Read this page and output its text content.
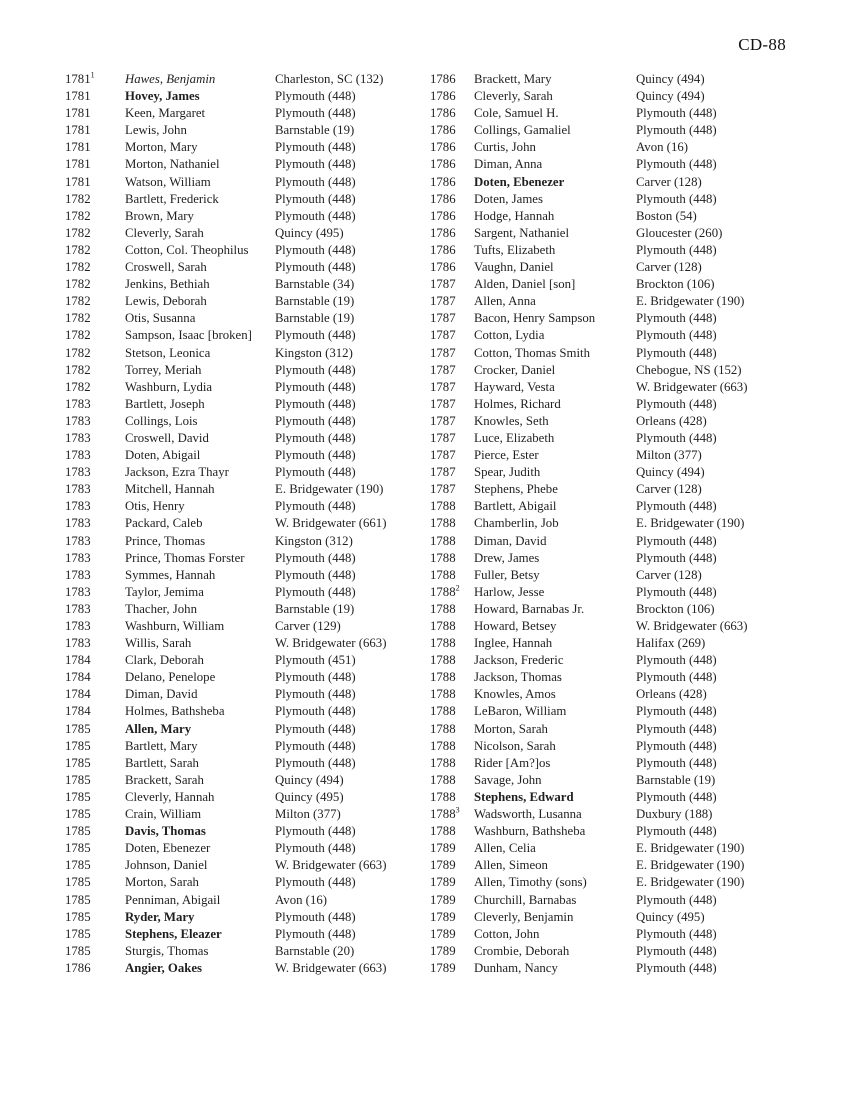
CD-88
1781$^1$	Hawes, Benjamin	Charleston, SC (132)
1781	Hovey, James	Plymouth (448)
1781	Keen, Margaret	Plymouth (448)
1781	Lewis, John	Barnstable (19)
1781	Morton, Mary	Plymouth (448)
1781	Morton, Nathaniel	Plymouth (448)
1781	Watson, William	Plymouth (448)
1782	Bartlett, Frederick	Plymouth (448)
1782	Brown, Mary	Plymouth (448)
1782	Cleverly, Sarah	Quincy (495)
1782	Cotton, Col. Theophilus	Plymouth (448)
1782	Croswell, Sarah	Plymouth (448)
1782	Jenkins, Bethiah	Barnstable (34)
1782	Lewis, Deborah	Barnstable (19)
1782	Otis, Susanna	Barnstable (19)
1782	Sampson, Isaac [broken]	Plymouth (448)
1782	Stetson, Leonica	Kingston (312)
1782	Torrey, Meriah	Plymouth (448)
1782	Washburn, Lydia	Plymouth (448)
1783	Bartlett, Joseph	Plymouth (448)
1783	Collings, Lois	Plymouth (448)
1783	Croswell, David	Plymouth (448)
1783	Doten, Abigail	Plymouth (448)
1783	Jackson, Ezra Thayr	Plymouth (448)
1783	Mitchell, Hannah	E. Bridgewater (190)
1783	Otis, Henry	Plymouth (448)
1783	Packard, Caleb	W. Bridgewater (661)
1783	Prince, Thomas	Kingston (312)
1783	Prince, Thomas Forster	Plymouth (448)
1783	Symmes, Hannah	Plymouth (448)
1783	Taylor, Jemima	Plymouth (448)
1783	Thacher, John	Barnstable (19)
1783	Washburn, William	Carver (129)
1783	Willis, Sarah	W. Bridgewater (663)
1784	Clark, Deborah	Plymouth (451)
1784	Delano, Penelope	Plymouth (448)
1784	Diman, David	Plymouth (448)
1784	Holmes, Bathsheba	Plymouth (448)
1785	Allen, Mary	Plymouth (448)
1785	Bartlett, Mary	Plymouth (448)
1785	Bartlett, Sarah	Plymouth (448)
1785	Brackett, Sarah	Quincy (494)
1785	Cleverly, Hannah	Quincy (495)
1785	Crain, William	Milton (377)
1785	Davis, Thomas	Plymouth (448)
1785	Doten, Ebenezer	Plymouth (448)
1785	Johnson, Daniel	W. Bridgewater (663)
1785	Morton, Sarah	Plymouth (448)
1785	Penniman, Abigail	Avon (16)
1785	Ryder, Mary	Plymouth (448)
1785	Stephens, Eleazer	Plymouth (448)
1785	Sturgis, Thomas	Barnstable (20)
1786	Angier, Oakes	W. Bridgewater (663)
1786	Brackett, Mary	Quincy (494)
1786	Cleverly, Sarah	Quincy (494)
1786	Cole, Samuel H.	Plymouth (448)
1786	Collings, Gamaliel	Plymouth (448)
1786	Curtis, John	Avon (16)
1786	Diman, Anna	Plymouth (448)
1786	Doten, Ebenezer	Carver (128)
1786	Doten, James	Plymouth (448)
1786	Hodge, Hannah	Boston (54)
1786	Sargent, Nathaniel	Gloucester (260)
1786	Tufts, Elizabeth	Plymouth (448)
1786	Vaughn, Daniel	Carver (128)
1787	Alden, Daniel [son]	Brockton (106)
1787	Allen, Anna	E. Bridgewater (190)
1787	Bacon, Henry Sampson	Plymouth (448)
1787	Cotton, Lydia	Plymouth (448)
1787	Cotton, Thomas Smith	Plymouth (448)
1787	Crocker, Daniel	Chebogue, NS (152)
1787	Hayward, Vesta	W. Bridgewater (663)
1787	Holmes, Richard	Plymouth (448)
1787	Knowles, Seth	Orleans (428)
1787	Luce, Elizabeth	Plymouth (448)
1787	Pierce, Ester	Milton (377)
1787	Spear, Judith	Quincy (494)
1787	Stephens, Phebe	Carver (128)
1788	Bartlett, Abigail	Plymouth (448)
1788	Chamberlin, Job	E. Bridgewater (190)
1788	Diman, David	Plymouth (448)
1788	Drew, James	Plymouth (448)
1788	Fuller, Betsy	Carver (128)
1788$^2$	Harlow, Jesse	Plymouth (448)
1788	Howard, Barnabas Jr.	Brockton (106)
1788	Howard, Betsey	W. Bridgewater (663)
1788	Inglee, Hannah	Halifax (269)
1788	Jackson, Frederic	Plymouth (448)
1788	Jackson, Thomas	Plymouth (448)
1788	Knowles, Amos	Orleans (428)
1788	LeBaron, William	Plymouth (448)
1788	Morton, Sarah	Plymouth (448)
1788	Nicolson, Sarah	Plymouth (448)
1788	Rider [Am?]os	Plymouth (448)
1788	Savage, John	Barnstable (19)
1788	Stephens, Edward	Plymouth (448)
1788$^3$	Wadsworth, Lusanna	Duxbury (188)
1788	Washburn, Bathsheba	Plymouth (448)
1789	Allen, Celia	E. Bridgewater (190)
1789	Allen, Simeon	E. Bridgewater (190)
1789	Allen, Timothy (sons)	E. Bridgewater (190)
1789	Churchill, Barnabas	Plymouth (448)
1789	Cleverly, Benjamin	Quincy (495)
1789	Cotton, John	Plymouth (448)
1789	Crombie, Deborah	Plymouth (448)
1789	Dunham, Nancy	Plymouth (448)
